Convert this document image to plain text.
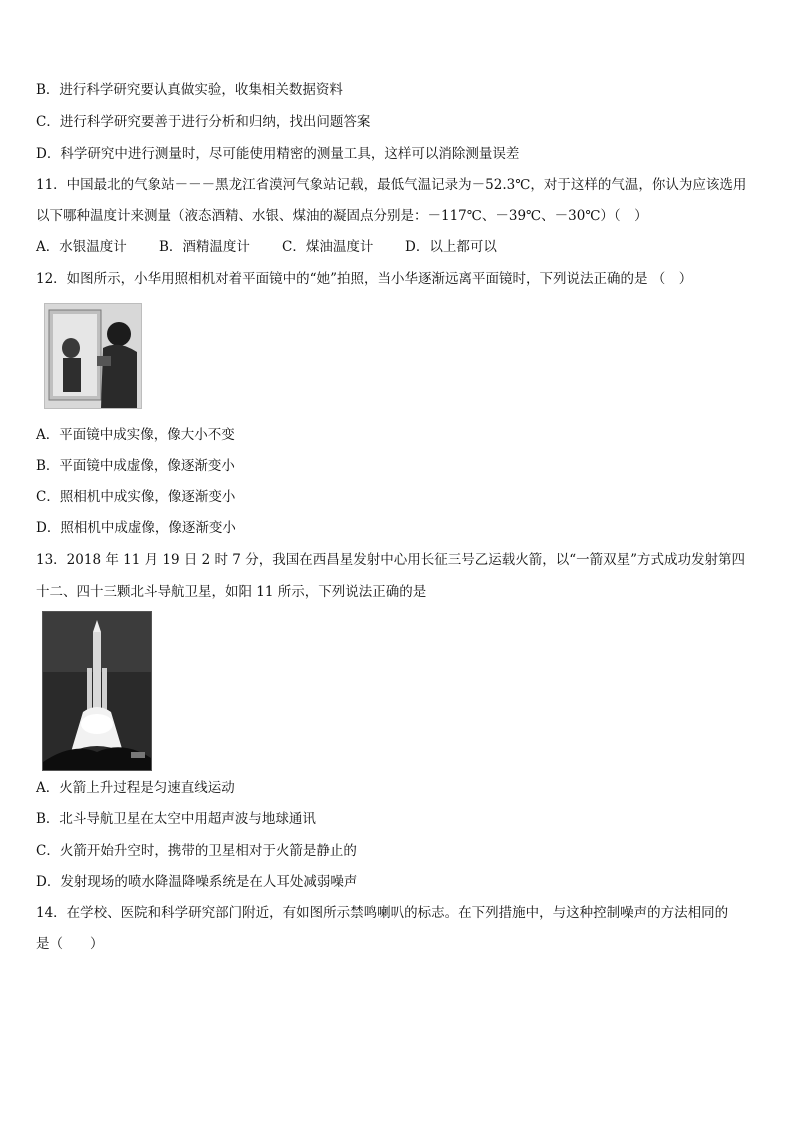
B．进行科学研究要认真做实验，收集相关数据资料
C．进行科学研究要善于进行分析和归纳，找出问题答案
D．科学研究中进行测量时，尽可能使用精密的测量工具，这样可以消除测量误差
11．中国最北的气象站－－－黑龙江省漠河气象站记载，最低气温记录为－52.3℃，对于这样的气温，你认为应该选用
以下哪种温度计来测量（液态酒精、水银、煤油的凝固点分别是：－117℃、－39℃、－30℃）（　）
A．水银温度计	B．酒精温度计	C．煤油温度计	D．以上都可以
12．如图所示，小华用照相机对着平面镜中的“她”拍照，当小华逐渐远离平面镜时，下列说法正确的是 （　）
A．平面镜中成实像，像大小不变
B．平面镜中成虚像，像逐渐变小
C．照相机中成实像，像逐渐变小
D．照相机中成虚像，像逐渐变小
13．2018 年 11 月 19 日 2 时 7 分，我国在西昌星发射中心用长征三号乙运载火箭，以“一箭双星”方式成功发射第四
十二、四十三颗北斗导航卫星，如阳 11 所示，下列说法正确的是
A．火箭上升过程是匀速直线运动
B．北斗导航卫星在太空中用超声波与地球通讯
C．火箭开始升空时，携带的卫星相对于火箭是静止的
D．发射现场的喷水降温降噪系统是在人耳处减弱噪声
14．在学校、医院和科学研究部门附近，有如图所示禁鸣喇叭的标志。在下列措施中，与这种控制噪声的方法相同的
是（　　）
